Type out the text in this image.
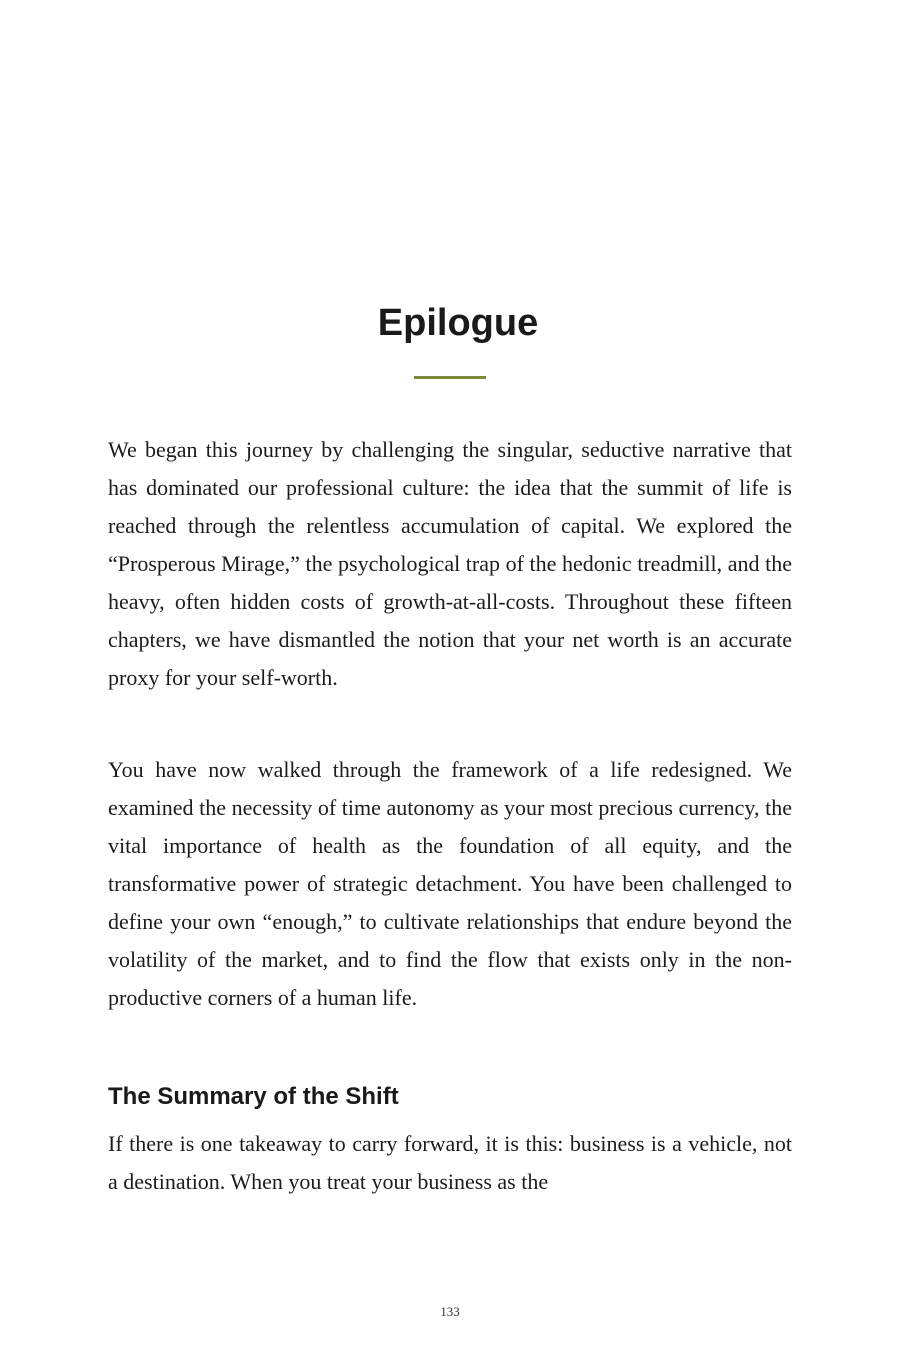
Epilogue

We began this journey by challenging the singular, seductive narrative that has dominated our professional culture: the idea that the summit of life is reached through the relentless accumulation of capital. We explored the “Prosperous Mirage,” the psychological trap of the hedonic treadmill, and the heavy, often hidden costs of growth-at-all-costs. Throughout these fifteen chapters, we have dismantled the notion that your net worth is an accurate proxy for your self-worth.

You have now walked through the framework of a life redesigned. We examined the necessity of time autonomy as your most precious currency, the vital importance of health as the foundation of all equity, and the transformative power of strategic detachment. You have been challenged to define your own “enough,” to cultivate relationships that endure beyond the volatility of the market, and to find the flow that exists only in the non-productive corners of a human life.

The Summary of the Shift

If there is one takeaway to carry forward, it is this: business is a vehicle, not a destination. When you treat your business as the

133
